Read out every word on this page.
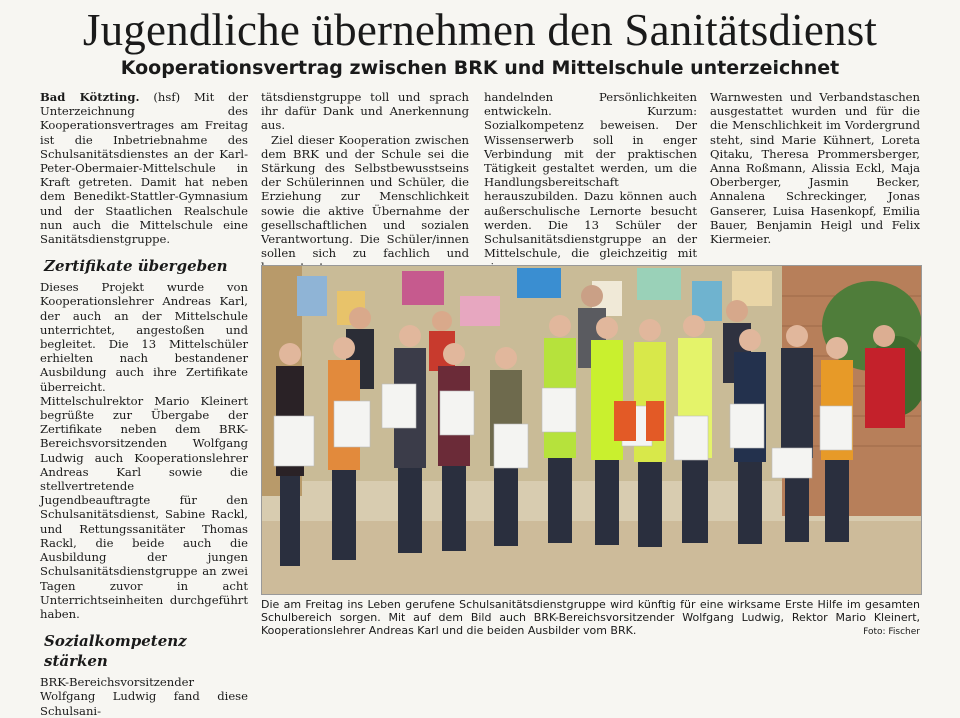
Jugendliche übernehmen den Sanitätsdienst
Kooperationsvertrag zwischen BRK und Mittelschule unterzeichnet

Bad Kötzting. (hsf) Mit der Unterzeichnung des Kooperationsvertrages am Freitag ist die Inbetriebnahme des Schulsanitätsdienstes an der Karl-Peter-Obermaier-Mittelschule in Kraft getreten. Damit hat neben dem Benedikt-Stattler-Gymnasium und der Staatlichen Realschule nun auch die Mittelschule eine Sanitätsdienstgruppe.

Zertifikate übergeben

Dieses Projekt wurde von Kooperationslehrer Andreas Karl, der auch an der Mittelschule unterrichtet, angestoßen und begleitet. Die 13 Mittelschüler erhielten nach bestandener Ausbildung auch ihre Zertifikate überreicht.

Mittelschulrektor Mario Kleinert begrüßte zur Übergabe der Zertifikate neben dem BRK-Bereichsvorsitzenden Wolfgang Ludwig auch Kooperationslehrer Andreas Karl sowie die stellvertretende Jugendbeauftragte für den Schulsanitätsdienst, Sabine Rackl, und Rettungssanitäter Thomas Rackl, die beide auch die Ausbildung der jungen Schulsanitätsdienstgruppe an zwei Tagen zuvor in acht Unterrichtseinheiten durchgeführt haben.

Sozialkompetenz stärken

BRK-Bereichsvorsitzender Wolfgang Ludwig fand diese Schulsani-

tätsdienstgruppe toll und sprach ihr dafür Dank und Anerkennung aus.

Ziel dieser Kooperation zwischen dem BRK und der Schule sei die Stärkung des Selbstbewusstseins der Schülerinnen und Schüler, die Erziehung zur Menschlichkeit sowie die aktive Übernahme der gesellschaftlichen und sozialen Verantwortung. Die Schüler/innen sollen sich zu fachlich und

handelnden Persönlichkeiten entwickeln. Kurzum: Sozialkompetenz beweisen. Der Wissenserwerb soll in enger Verbindung mit der praktischen Tätigkeit gestaltet werden, um die Handlungsbereitschaft herauszubilden. Dazu können auch außerschulische Lernorte besucht werden. Die 13 Schüler der Schulsanitätsdienstgruppe an der Mittelschule, die gleichzeitig mit

Warnwesten und Verbandstaschen ausgestattet wurden und für die die Menschlichkeit im Vordergrund steht, sind Marie Kühnert, Loreta Qitaku, Theresa Prommersberger, Anna Roßmann, Alissia Eckl, Maja Oberberger, Jasmin Becker, Annalena Schreckinger, Jonas Ganserer, Luisa Hasenkopf, Emilia Bauer, Benjamin Heigl und Felix Kiermeier.

Die am Freitag ins Leben gerufene Schulsanitätsdienstgruppe wird künftig für eine wirksame Erste Hilfe im gesamten Schulbereich sorgen. Mit auf dem Bild auch BRK-Bereichsvorsitzender Wolfgang Ludwig, Rektor Mario Kleinert, Kooperationslehrer Andreas Karl und die beiden Ausbilder vom BRK.	Foto: Fischer
